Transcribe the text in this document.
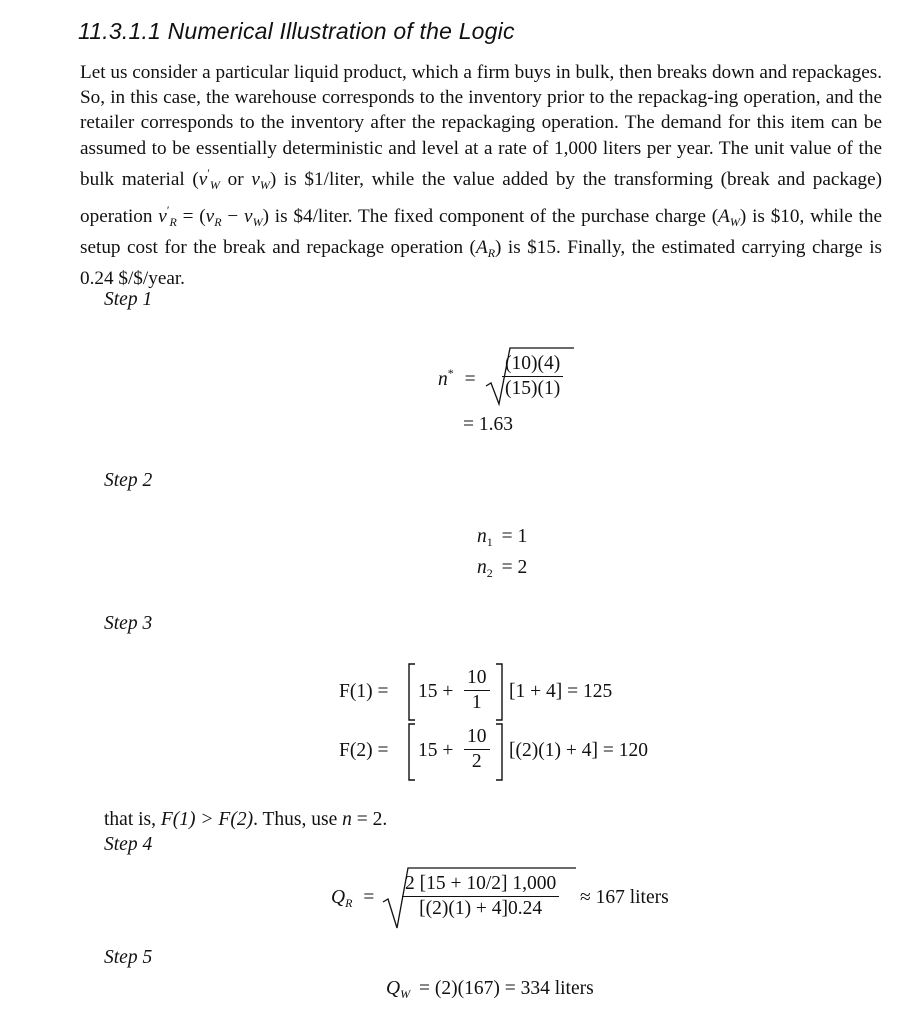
11.3.1.1 Numerical Illustration of the Logic

Let us consider a particular liquid product, which a firm buys in bulk, then breaks down and repackages. So, in this case, the warehouse corresponds to the inventory prior to the repackag-ing operation, and the retailer corresponds to the inventory after the repackaging operation. The demand for this item can be assumed to be essentially deterministic and level at a rate of 1,000 liters per year. The unit value of the bulk material ($v'_W$ or $v_W$) is $1/liter, while the value added by the transforming (break and package) operation $v'_R = (v_R - v_W)$ is $4/liter. The fixed component of the purchase charge $(A_W)$ is $10, while the setup cost for the break and repackage operation $(A_R)$ is $15. Finally, the estimated carrying charge is 0.24 $/$/year.

Step 1
$n^* = \frac{(10)(4)}{(15)(1)}$
= 1.63
Step 2
$n_1 = 1$
$n_2 = 2$
Step 3
$F(1) = 15 + \frac{10}{1} [1 + 4] = 125$
$F(2) = 15 + \frac{10}{2} [(2)(1) + 4] = 120$
that is, F(1) > F(2). Thus, use n = 2.
Step 4
$Q_R = \frac{2 [15 + 10/2] 1,000}{[(2)(1) + 4]0.24} \approx 167$ liters
Step 5
$Q_W = (2)(167) = 334$ liters
